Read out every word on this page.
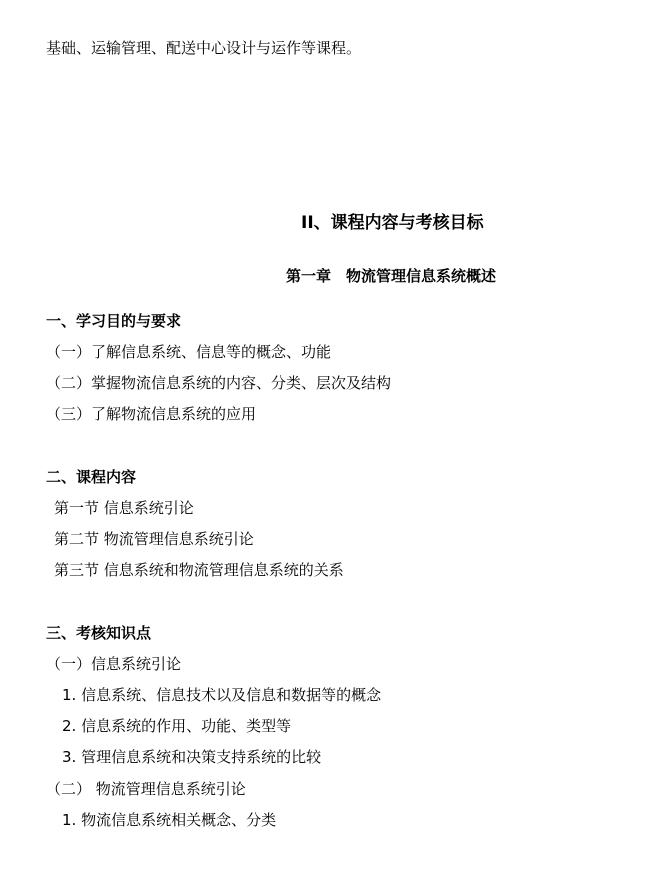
基础、运输管理、配送中心设计与运作等课程。
II、课程内容与考核目标
第一章　物流管理信息系统概述
一、学习目的与要求
（一）了解信息系统、信息等的概念、功能
（二）掌握物流信息系统的内容、分类、层次及结构
（三）了解物流信息系统的应用
二、课程内容
第一节 信息系统引论
第二节 物流管理信息系统引论
第三节 信息系统和物流管理信息系统的关系
三、考核知识点
（一）信息系统引论
1. 信息系统、信息技术以及信息和数据等的概念
2. 信息系统的作用、功能、类型等
3. 管理信息系统和决策支持系统的比较
（二） 物流管理信息系统引论
1. 物流信息系统相关概念、分类
